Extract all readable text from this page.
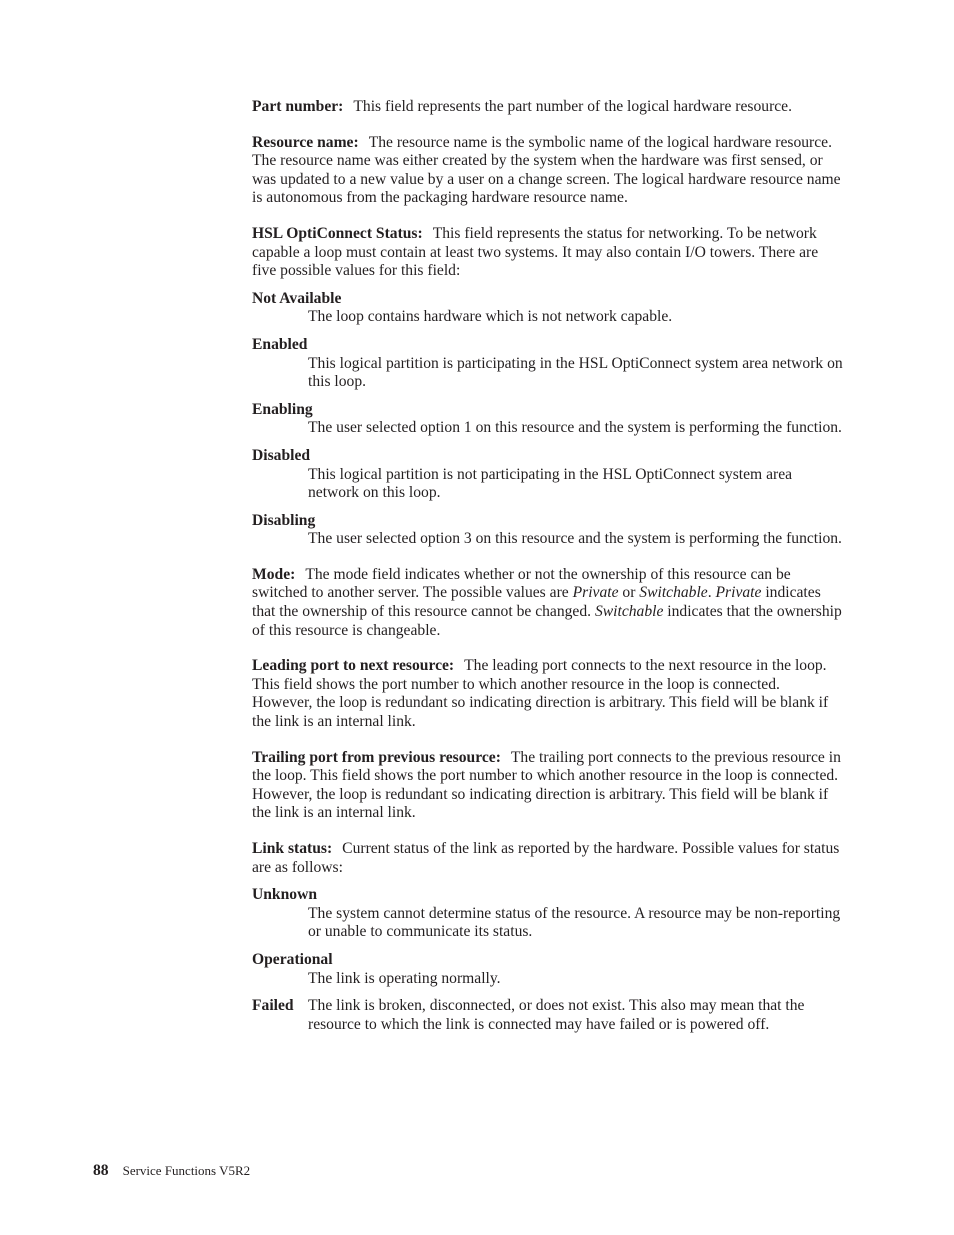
Part number: This field represents the part number of the logical hardware resource.

Resource name: The resource name is the symbolic name of the logical hardware resource. The resource name was either created by the system when the hardware was first sensed, or was updated to a new value by a user on a change screen. The logical hardware resource name is autonomous from the packaging hardware resource name.

HSL OptiConnect Status: This field represents the status for networking. To be network capable a loop must contain at least two systems. It may also contain I/O towers. There are five possible values for this field:

Not Available
The loop contains hardware which is not network capable.
Enabled
This logical partition is participating in the HSL OptiConnect system area network on this loop.
Enabling
The user selected option 1 on this resource and the system is performing the function.
Disabled
This logical partition is not participating in the HSL OptiConnect system area network on this loop.
Disabling
The user selected option 3 on this resource and the system is performing the function.

Mode: The mode field indicates whether or not the ownership of this resource can be switched to another server. The possible values are Private or Switchable. Private indicates that the ownership of this resource cannot be changed. Switchable indicates that the ownership of this resource is changeable.

Leading port to next resource: The leading port connects to the next resource in the loop. This field shows the port number to which another resource in the loop is connected. However, the loop is redundant so indicating direction is arbitrary. This field will be blank if the link is an internal link.

Trailing port from previous resource: The trailing port connects to the previous resource in the loop. This field shows the port number to which another resource in the loop is connected. However, the loop is redundant so indicating direction is arbitrary. This field will be blank if the link is an internal link.

Link status: Current status of the link as reported by the hardware. Possible values for status are as follows:

Unknown
The system cannot determine status of the resource. A resource may be non-reporting or unable to communicate its status.
Operational
The link is operating normally.
Failed The link is broken, disconnected, or does not exist. This also may mean that the resource to which the link is connected may have failed or is powered off.
88 Service Functions V5R2
